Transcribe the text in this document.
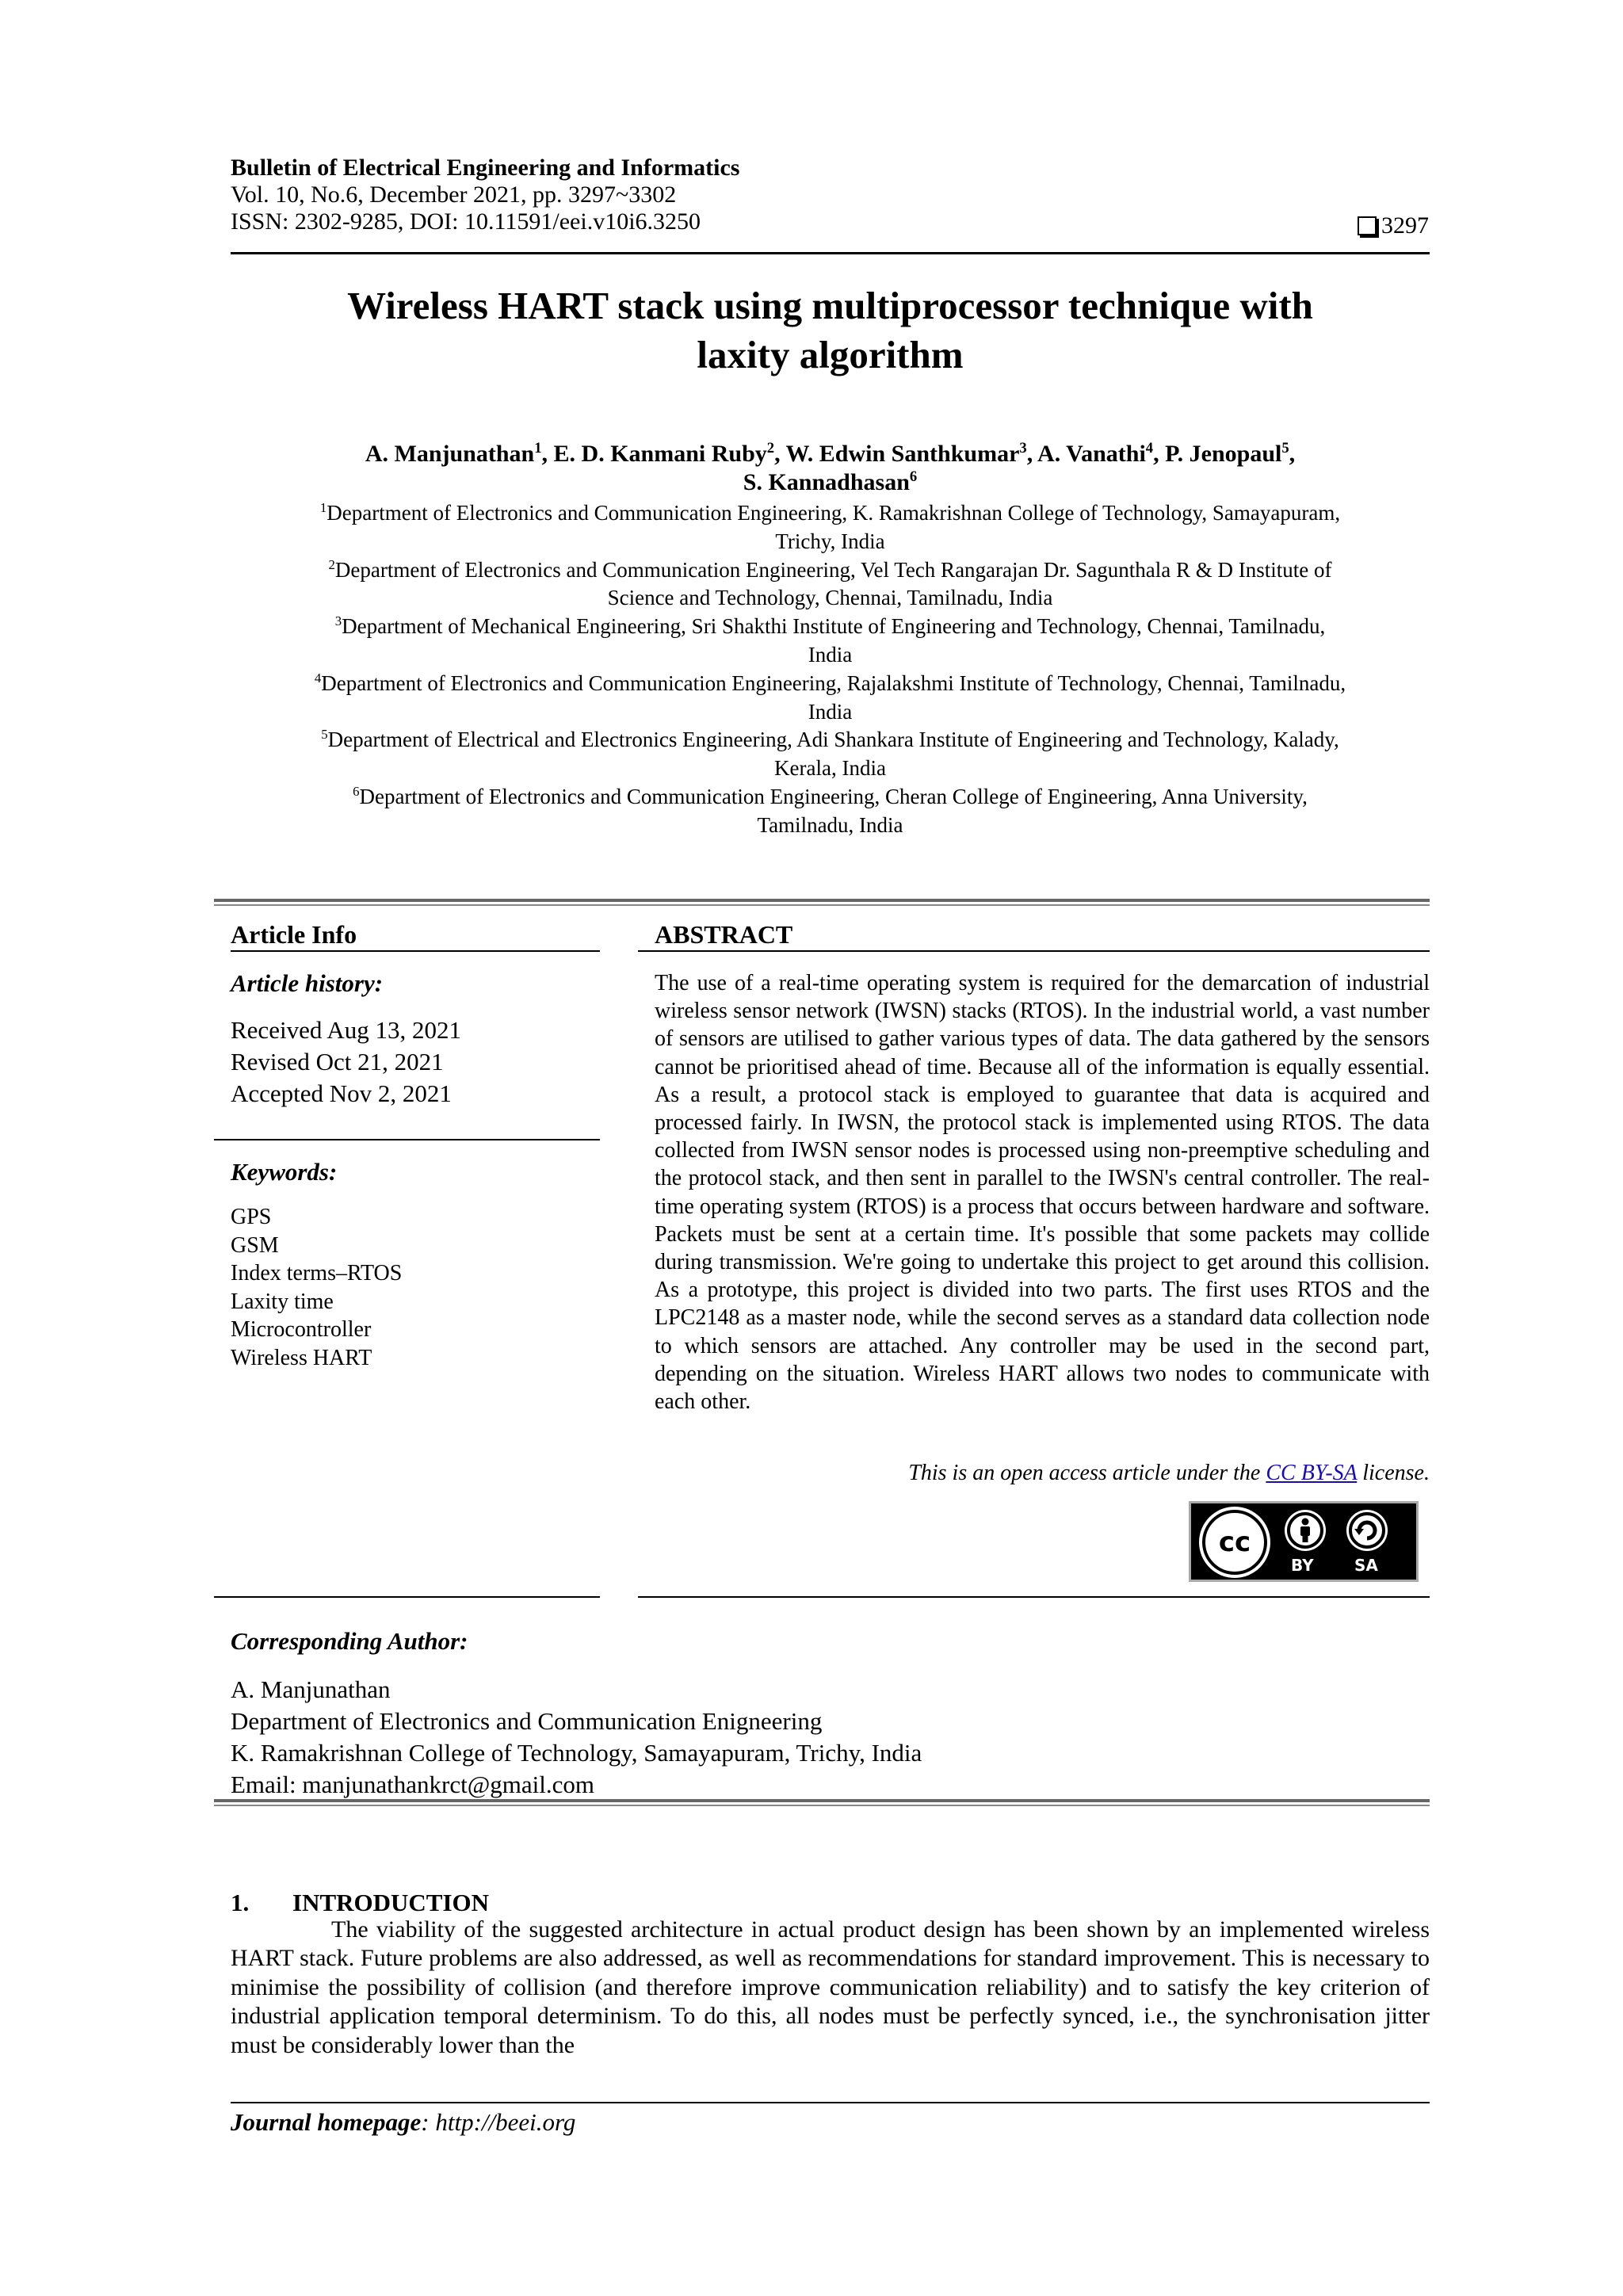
Bulletin of Electrical Engineering and Informatics
Vol. 10, No.6, December 2021, pp. 3297~3302
ISSN: 2302-9285, DOI: 10.11591/eei.v10i6.3250	3297
Wireless HART stack using multiprocessor technique with
laxity algorithm
A. Manjunathan$^1$, E. D. Kanmani Ruby$^2$, W. Edwin Santhkumar$^3$, A. Vanathi$^4$, P. Jenopaul$^5$,
S. Kannadhasan$^6$

$^1$Department of Electronics and Communication Engineering, K. Ramakrishnan College of Technology, Samayapuram,

Trichy, India

$^2$Department of Electronics and Communication Engineering, Vel Tech Rangarajan Dr. Sagunthala R & D Institute of

Science and Technology, Chennai, Tamilnadu, India

$^3$Department of Mechanical Engineering, Sri Shakthi Institute of Engineering and Technology, Chennai, Tamilnadu,

India

$^4$Department of Electronics and Communication Engineering, Rajalakshmi Institute of Technology, Chennai, Tamilnadu,

India

$^5$Department of Electrical and Electronics Engineering, Adi Shankara Institute of Engineering and Technology, Kalady,

Kerala, India

$^6$Department of Electronics and Communication Engineering, Cheran College of Engineering, Anna University,

Tamilnadu, India

Article Info
Article history:
Received Aug 13, 2021
Revised Oct 21, 2021
Accepted Nov 2, 2021
Keywords:
GPS
GSM
Index terms–RTOS
Laxity time
Microcontroller
Wireless HART
ABSTRACT
The use of a real-time operating system is required for the demarcation of industrial wireless sensor network (IWSN) stacks (RTOS). In the industrial world, a vast number of sensors are utilised to gather various types of data. The data gathered by the sensors cannot be prioritised ahead of time. Because all of the information is equally essential. As a result, a protocol stack is employed to guarantee that data is acquired and processed fairly. In IWSN, the protocol stack is implemented using RTOS. The data collected from IWSN sensor nodes is processed using non-preemptive scheduling and the protocol stack, and then sent in parallel to the IWSN's central controller. The real-time operating system (RTOS) is a process that occurs between hardware and software. Packets must be sent at a certain time. It's possible that some packets may collide during transmission. We're going to undertake this project to get around this collision. As a prototype, this project is divided into two parts. The first uses RTOS and the LPC2148 as a master node, while the second serves as a standard data collection node to which sensors are attached. Any controller may be used in the second part, depending on the situation. Wireless HART allows two nodes to communicate with each other.
This is an open access article under the CC BY-SA license.
cc
BY	SA
Corresponding Author:
A. Manjunathan
Department of Electronics and Communication Enigneering
K. Ramakrishnan College of Technology, Samayapuram, Trichy, India
Email: manjunathankrct@gmail.com
1. INTRODUCTION
The viability of the suggested architecture in actual product design has been shown by an implemented wireless HART stack. Future problems are also addressed, as well as recommendations for standard improvement. This is necessary to minimise the possibility of collision (and therefore improve communication reliability) and to satisfy the key criterion of industrial application temporal determinism. To do this, all nodes must be perfectly synced, i.e., the synchronisation jitter must be considerably lower than the
Journal homepage: http://beei.org
